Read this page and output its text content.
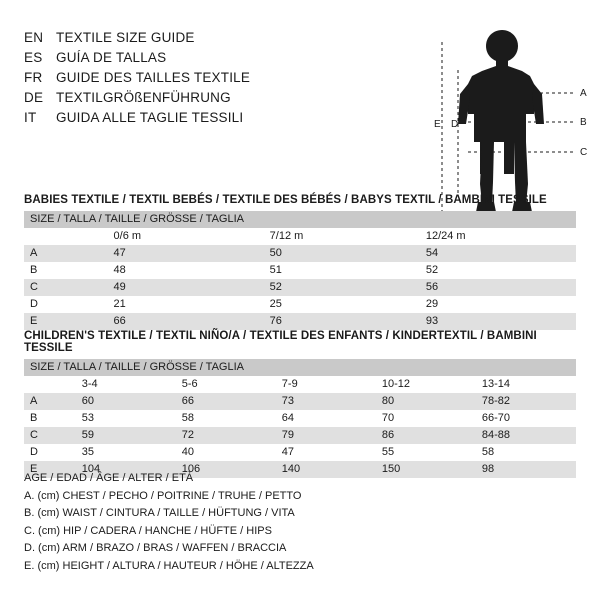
EN TEXTILE SIZE GUIDE
ES	GUÍA DE TALLAS
FR	GUIDE DES TAILLES TEXTILE
DE TEXTILGRÖßENFÜHRUNG
IT	GUIDA ALLE TAGLIE TESSILI
A
B
C
E D
BABIES TEXTILE / TEXTIL BEBÉS / TEXTILE DES BÉBÉS / BABYS TEXTIL / BAMBINI TESSILE
SIZE / TALLA / TAILLE / GRÖSSE / TAGLIA			
	0/6 m	7/12 m	12/24 m
A	47	50	54
B	48	51	52
C	49	52	56
D	21	25	29
E	66	76	93
CHILDREN'S TEXTILE / TEXTIL NIÑO/A / TEXTILE DES ENFANTS / KINDERTEXTIL / BAMBINI TESSILE
SIZE / TALLA / TAILLE / GRÖSSE / TAGLIA					
	3-4	5-6	7-9	10-12	13-14
A	60	66	73	80	78-82
B	53	58	64	70	66-70
C	59	72	79	86	84-88
D	35	40	47	55	58
E	104	106	140	150	98
AGE / EDAD / ÂGE / ALTER / ETÀ
A. (cm) CHEST / PECHO / POITRINE / TRUHE / PETTO
B. (cm) WAIST / CINTURA / TAILLE / HÜFTUNG / VITA
C. (cm) HIP / CADERA / HANCHE / HÜFTE / HIPS
D. (cm) ARM / BRAZO / BRAS / WAFFEN / BRACCIA
E. (cm) HEIGHT / ALTURA / HAUTEUR / HÖHE / ALTEZZA
